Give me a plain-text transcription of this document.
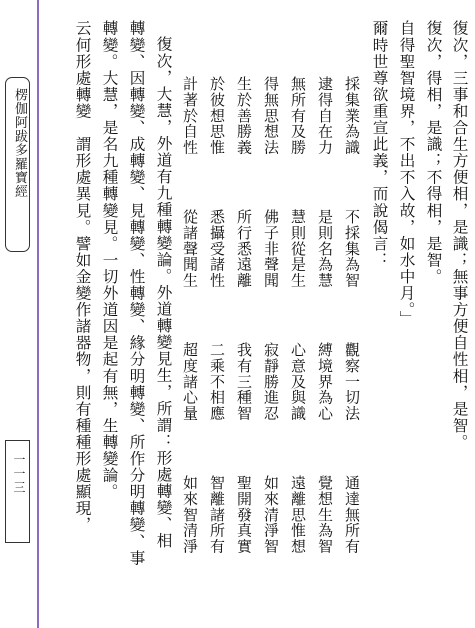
復次，三事和合生方便相，是識；無事方便自性相，是智。
復次，得相，是識；不得相，是智。
自得聖智境界，不出不入故，如水中月。」
爾時世尊欲重宣此義，而說偈言：
採集業為識
不採集為智
觀察一切法
通達無所有
逮得自在力
是則名為慧
縛境界為心
覺想生為智
無所有及勝
慧則從是生
心意及與識
遠離思惟想
得無思想法
佛子非聲聞
寂靜勝進忍
如來清淨智
生於善勝義
所行悉遠離
我有三種智
聖開發真實
於彼想思惟
悉攝受諸性
二乘不相應
智離諸所有
計著於自性
從諸聲聞生
超度諸心量
如來智清淨
復次，大慧，外道有九種轉變論。外道轉變見生，所謂：形處轉變、相
轉變、因轉變、成轉變、見轉變、性轉變、緣分明轉變、所作分明轉變、事
轉變。大慧，是名九種轉變見。一切外道因是起有無，生轉變論。
云何形處轉變　謂形處異見。譬如金變作諸器物，則有種種形處顯現，
楞伽阿跋多羅寶經
一一三
